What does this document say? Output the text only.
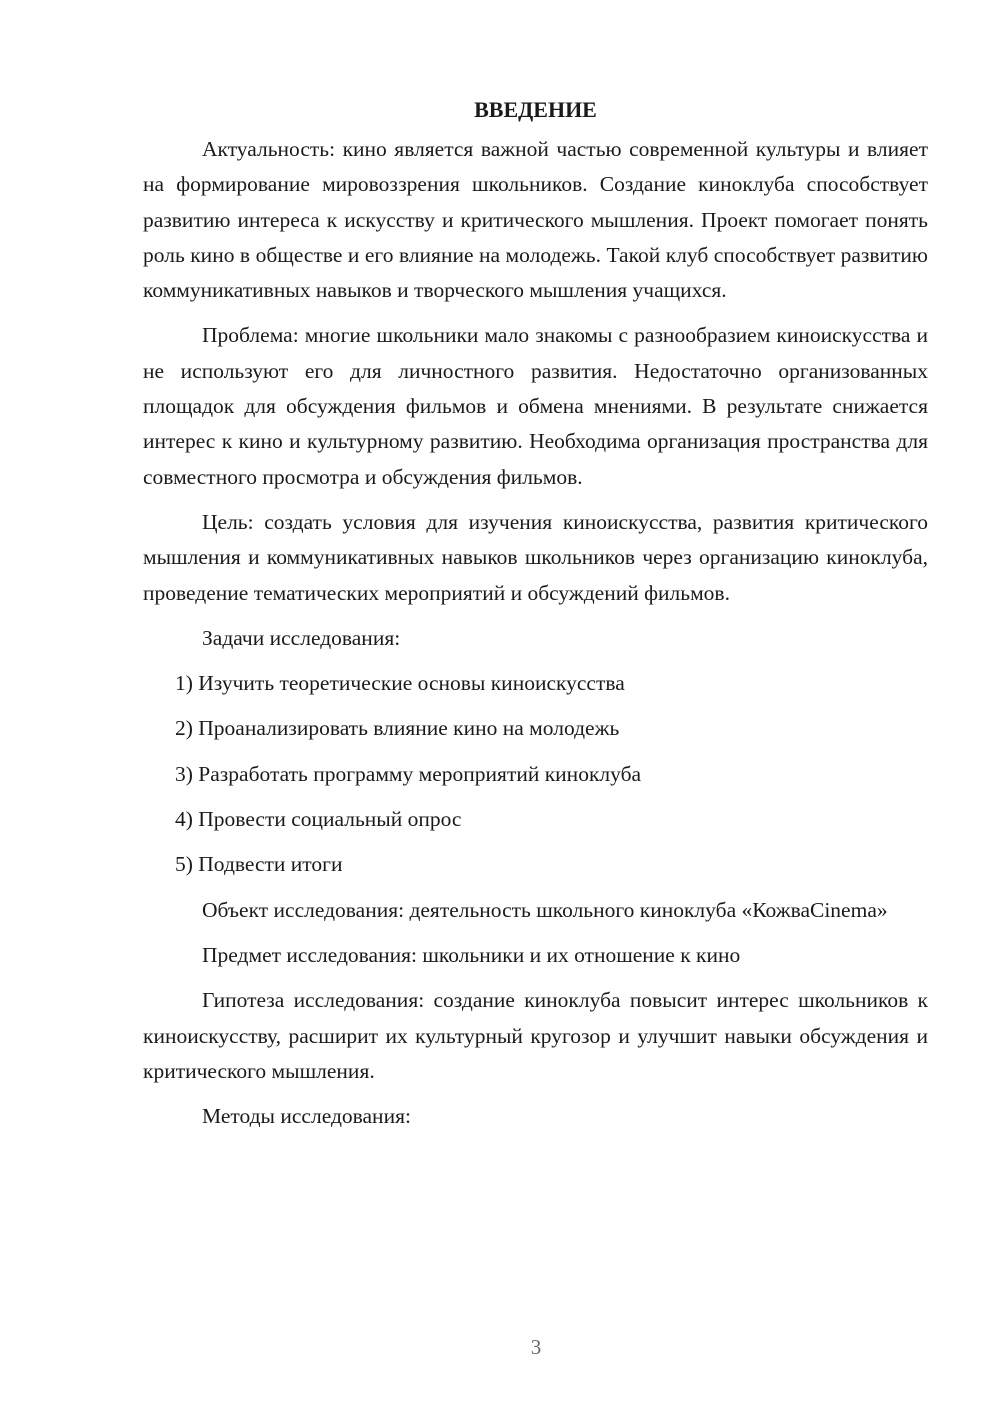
ВВЕДЕНИЕ

Актуальность: кино является важной частью современной культуры и влияет на формирование мировоззрения школьников. Создание киноклуба способствует развитию интереса к искусству и критического мышления. Проект помогает понять роль кино в обществе и его влияние на молодежь. Такой клуб способствует развитию коммуникативных навыков и творческого мышления учащихся.

Проблема: многие школьники мало знакомы с разнообразием киноискусства и не используют его для личностного развития. Недостаточно организованных площадок для обсуждения фильмов и обмена мнениями. В результате снижается интерес к кино и культурному развитию. Необходима организация пространства для совместного просмотра и обсуждения фильмов.

Цель: создать условия для изучения киноискусства, развития критического мышления и коммуникативных навыков школьников через организацию киноклуба, проведение тематических мероприятий и обсуждений фильмов.

Задачи исследования:

1) Изучить теоретические основы киноискусства

2) Проанализировать влияние кино на молодежь

3) Разработать программу мероприятий киноклуба

4) Провести социальный опрос

5) Подвести итоги

Объект исследования: деятельность школьного киноклуба «КожваCinema»

Предмет исследования: школьники и их отношение к кино

Гипотеза исследования: создание киноклуба повысит интерес школьников к киноискусству, расширит их культурный кругозор и улучшит навыки обсуждения и критического мышления.

Методы исследования:

3
